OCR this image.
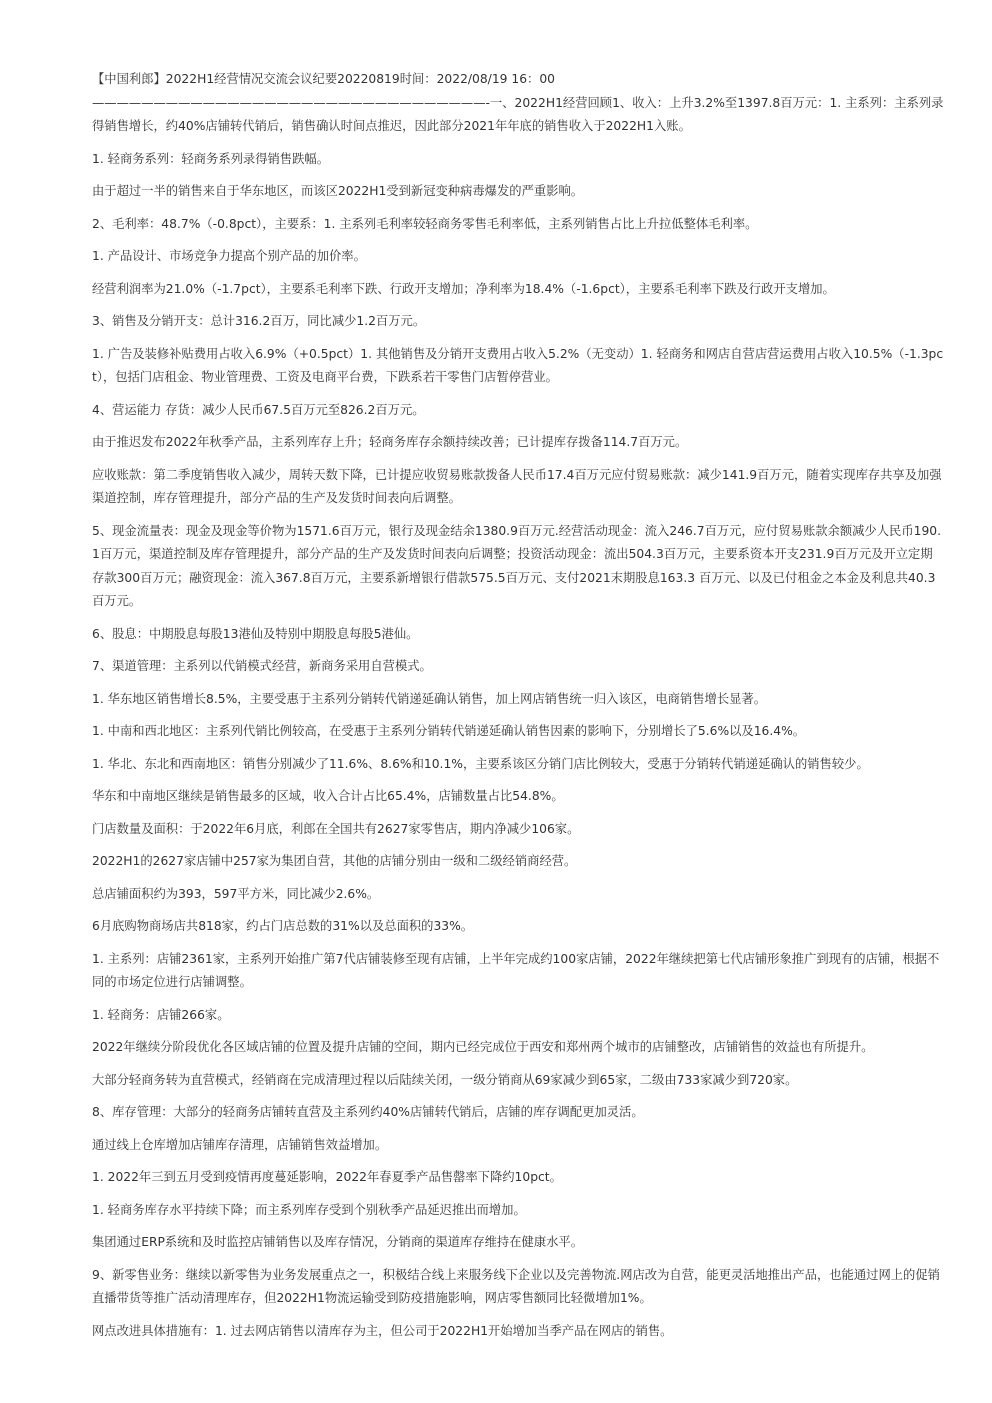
【中国利郎】2022H1经营情况交流会议纪要20220819时间：2022/08/19 16：00 ————————————————————————————————-一、2022H1经营回顾1、收入：上升3.2%至1397.8百万元：1. 主系列：主系列录得销售增长，约40%店铺转代销后，销售确认时间点推迟，因此部分2021年年底的销售收入于2022H1入账。

1. 轻商务系列：轻商务系列录得销售跌幅。

由于超过一半的销售来自于华东地区，而该区2022H1受到新冠变种病毒爆发的严重影响。

2、毛利率：48.7%（-0.8pct），主要系：1. 主系列毛利率较轻商务零售毛利率低，主系列销售占比上升拉低整体毛利率。

1. 产品设计、市场竞争力提高个别产品的加价率。

经营利润率为21.0%（-1.7pct），主要系毛利率下跌、行政开支增加；净利率为18.4%（-1.6pct），主要系毛利率下跌及行政开支增加。

3、销售及分销开支：总计316.2百万，同比减少1.2百万元。

1. 广告及装修补贴费用占收入6.9%（+0.5pct）1. 其他销售及分销开支费用占收入5.2%（无变动）1. 轻商务和网店自营店营运费用占收入10.5%（-1.3pct），包括门店租金、物业管理费、工资及电商平台费，下跌系若干零售门店暂停营业。

4、营运能力 存货：减少人民币67.5百万元至826.2百万元。

由于推迟发布2022年秋季产品，主系列库存上升；轻商务库存余额持续改善；已计提库存拨备114.7百万元。

应收账款：第二季度销售收入减少，周转天数下降，已计提应收贸易账款拨备人民币17.4百万元应付贸易账款：减少141.9百万元，随着实现库存共享及加强渠道控制，库存管理提升，部分产品的生产及发货时间表向后调整。

5、现金流量表：现金及现金等价物为1571.6百万元，银行及现金结余1380.9百万元.经营活动现金：流入246.7百万元，应付贸易账款余额减少人民币190.1百万元，渠道控制及库存管理提升，部分产品的生产及发货时间表向后调整；投资活动现金：流出504.3百万元，主要系资本开支231.9百万元及开立定期存款300百万元；融资现金：流入367.8百万元，主要系新增银行借款575.5百万元、支付2021末期股息163.3 百万元、以及已付租金之本金及利息共40.3百万元。

6、股息：中期股息每股13港仙及特别中期股息每股5港仙。

7、渠道管理：主系列以代销模式经营，新商务采用自营模式。

1. 华东地区销售增长8.5%，主要受惠于主系列分销转代销递延确认销售，加上网店销售统一归入该区，电商销售增长显著。

1. 中南和西北地区：主系列代销比例较高，在受惠于主系列分销转代销递延确认销售因素的影响下，分别增长了5.6%以及16.4%。

1. 华北、东北和西南地区：销售分别减少了11.6%、8.6%和10.1%，主要系该区分销门店比例较大，受惠于分销转代销递延确认的销售较少。

华东和中南地区继续是销售最多的区域，收入合计占比65.4%，店铺数量占比54.8%。

门店数量及面积：于2022年6月底，利郎在全国共有2627家零售店，期内净减少106家。

2022H1的2627家店铺中257家为集团自营，其他的店铺分别由一级和二级经销商经营。

总店铺面积约为393，597平方米，同比减少2.6%。

6月底购物商场店共818家，约占门店总数的31%以及总面积的33%。

1. 主系列：店铺2361家，主系列开始推广第7代店铺装修至现有店铺，上半年完成约100家店铺，2022年继续把第七代店铺形象推广到现有的店铺，根据不同的市场定位进行店铺调整。

1. 轻商务：店铺266家。

2022年继续分阶段优化各区域店铺的位置及提升店铺的空间，期内已经完成位于西安和郑州两个城市的店铺整改，店铺销售的效益也有所提升。

大部分轻商务转为直营模式，经销商在完成清理过程以后陆续关闭，一级分销商从69家减少到65家，二级由733家减少到720家。

8、库存管理：大部分的轻商务店铺转直营及主系列约40%店铺转代销后，店铺的库存调配更加灵活。

通过线上仓库增加店铺库存清理，店铺销售效益增加。

1. 2022年三到五月受到疫情再度蔓延影响，2022年春夏季产品售罄率下降约10pct。

1. 轻商务库存水平持续下降；而主系列库存受到个别秋季产品延迟推出而增加。

集团通过ERP系统和及时监控店铺销售以及库存情况，分销商的渠道库存维持在健康水平。

9、新零售业务：继续以新零售为业务发展重点之一，积极结合线上来服务线下企业以及完善物流.网店改为自营，能更灵活地推出产品，也能通过网上的促销直播带货等推广活动清理库存，但2022H1物流运输受到防疫措施影响，网店零售额同比轻微增加1%。

网点改进具体措施有：1. 过去网店销售以清库存为主，但公司于2022H1开始增加当季产品在网店的销售。
